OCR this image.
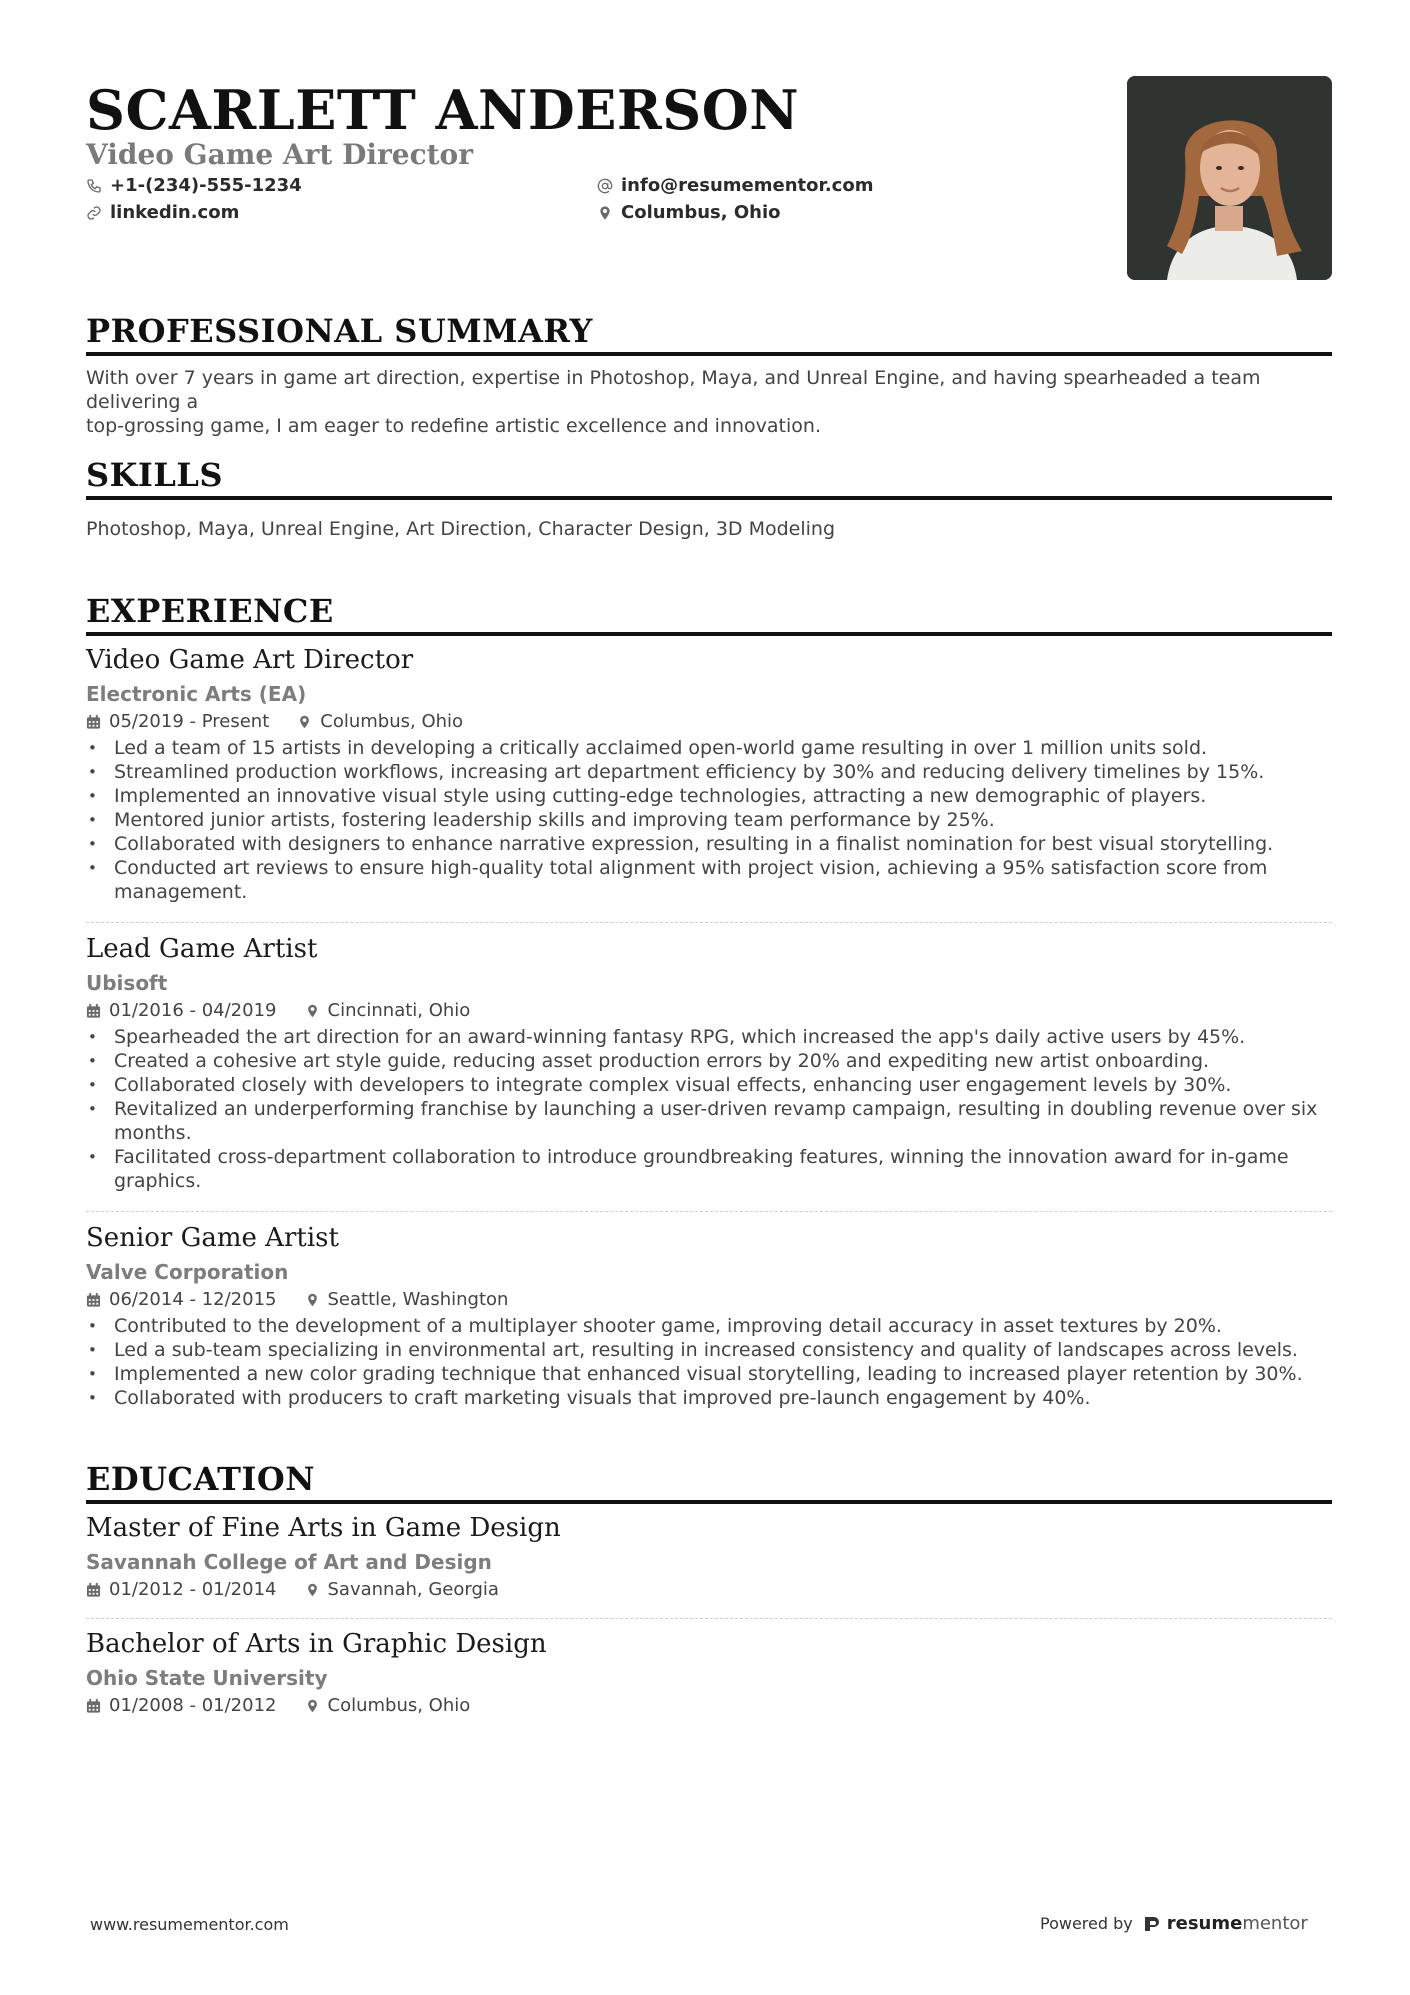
SCARLETT ANDERSON
Video Game Art Director
+1-(234)-555-1234
linkedin.com
info@resumementor.com
Columbus, Ohio
PROFESSIONAL SUMMARY
With over 7 years in game art direction, expertise in Photoshop, Maya, and Unreal Engine, and having spearheaded a team delivering a
top-grossing game, I am eager to redefine artistic excellence and innovation.
SKILLS
Photoshop, Maya, Unreal Engine, Art Direction, Character Design, 3D Modeling
EXPERIENCE
Video Game Art Director
Electronic Arts (EA)
05/2019 - Present	Columbus, Ohio
• Led a team of 15 artists in developing a critically acclaimed open-world game resulting in over 1 million units sold.
• Streamlined production workflows, increasing art department efficiency by 30% and reducing delivery timelines by 15%.
• Implemented an innovative visual style using cutting-edge technologies, attracting a new demographic of players.
• Mentored junior artists, fostering leadership skills and improving team performance by 25%.
• Collaborated with designers to enhance narrative expression, resulting in a finalist nomination for best visual storytelling.
• Conducted art reviews to ensure high-quality total alignment with project vision, achieving a 95% satisfaction score from management.
Lead Game Artist
Ubisoft
01/2016 - 04/2019	Cincinnati, Ohio
• Spearheaded the art direction for an award-winning fantasy RPG, which increased the app's daily active users by 45%.
• Created a cohesive art style guide, reducing asset production errors by 20% and expediting new artist onboarding.
• Collaborated closely with developers to integrate complex visual effects, enhancing user engagement levels by 30%.
• Revitalized an underperforming franchise by launching a user-driven revamp campaign, resulting in doubling revenue over six months.
• Facilitated cross-department collaboration to introduce groundbreaking features, winning the innovation award for in-game graphics.
Senior Game Artist
Valve Corporation
06/2014 - 12/2015	Seattle, Washington
• Contributed to the development of a multiplayer shooter game, improving detail accuracy in asset textures by 20%.
• Led a sub-team specializing in environmental art, resulting in increased consistency and quality of landscapes across levels.
• Implemented a new color grading technique that enhanced visual storytelling, leading to increased player retention by 30%.
• Collaborated with producers to craft marketing visuals that improved pre-launch engagement by 40%.
EDUCATION
Master of Fine Arts in Game Design
Savannah College of Art and Design
01/2012 - 01/2014	Savannah, Georgia
Bachelor of Arts in Graphic Design
Ohio State University
01/2008 - 01/2012	Columbus, Ohio
www.resumementor.com	Powered by resume mentor
